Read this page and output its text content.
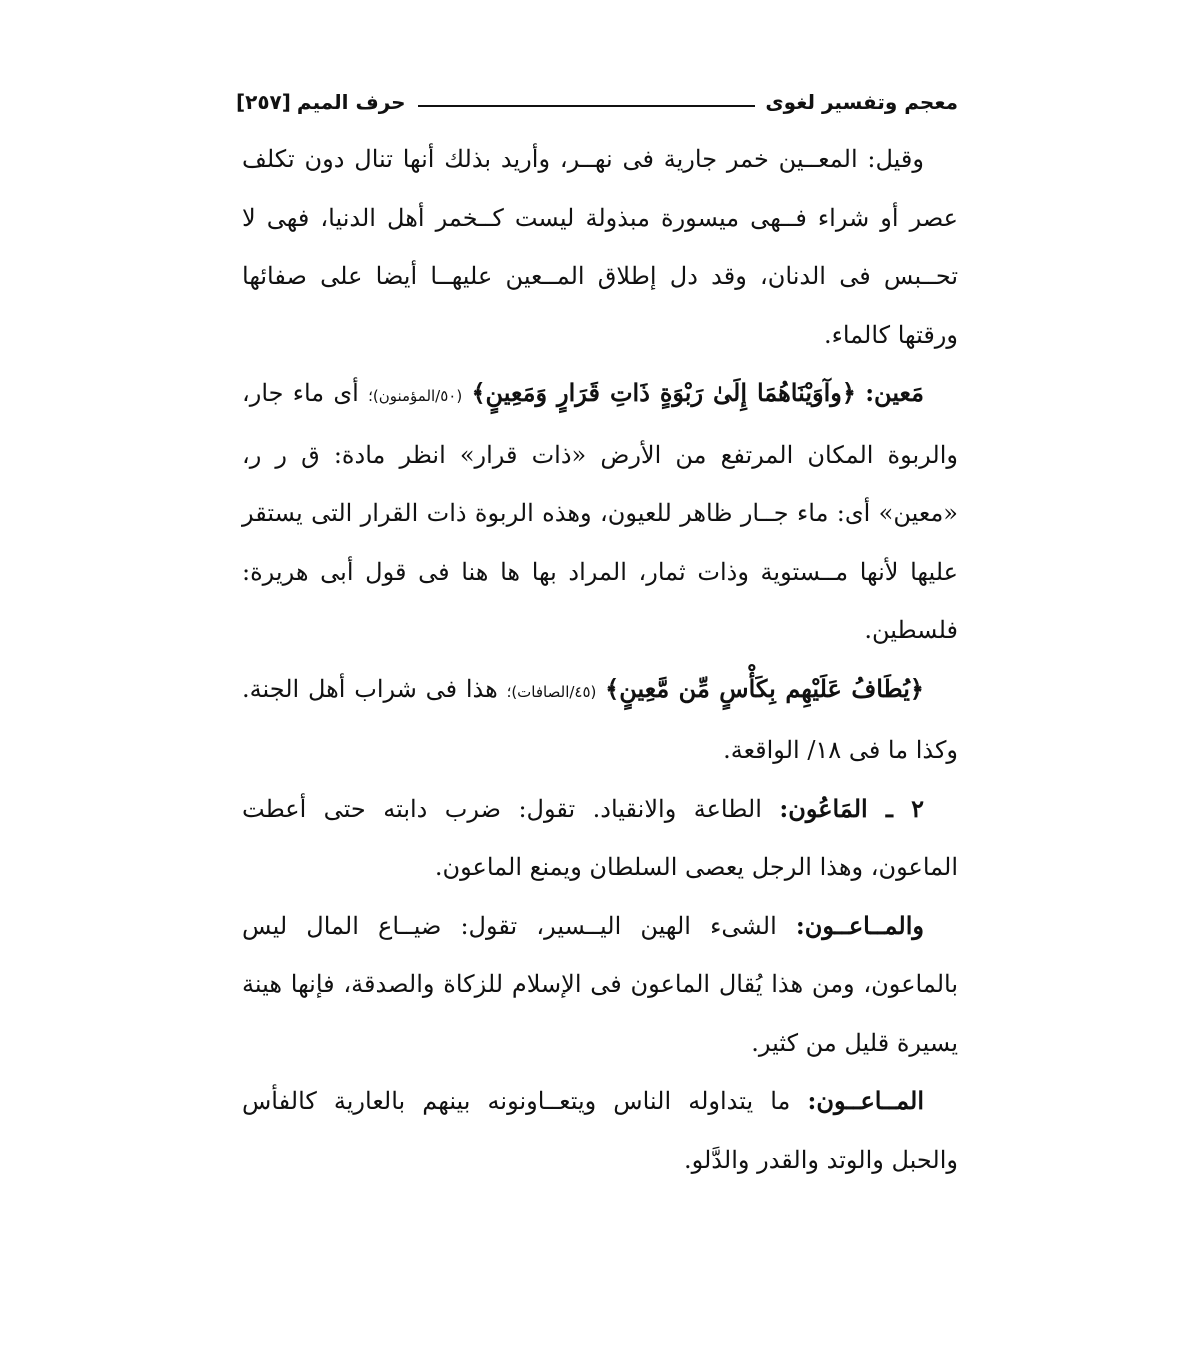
معجم وتفسير لغوى
حرف الميم
[٢٥٧]

وقيل: المعــين خمر جارية فى نهــر، وأريد بذلك أنها تنال دون تكلف عصر أو شراء فــهى ميسورة مبذولة ليست كــخمر أهل الدنيا، فهى لا تحــبس فى الدنان، وقد دل إطلاق المــعين عليهــا أيضا على صفائها ورقتها كالماء.

مَعين: ﴿وآوَيْنَاهُمَا إِلَىٰ رَبْوَةٍ ذَاتِ قَرَارٍ وَمَعِينٍ﴾ (٥٠/المؤمنون)؛ أى ماء جار، والربوة المكان المرتفع من الأرض «ذات قرار» انظر مادة: ق ر ر، «معين» أى: ماء جــار ظاهر للعيون، وهذه الربوة ذات القرار التى يستقر عليها لأنها مــستوية وذات ثمار، المراد بها ها هنا فى قول أبى هريرة: فلسطين.

﴿يُطَافُ عَلَيْهِم بِكَأْسٍ مِّن مَّعِينٍ﴾ (٤٥/الصافات)؛ هذا فى شراب أهل الجنة. وكذا ما فى ١٨/ الواقعة.

٢ ـ المَاعُون: الطاعة والانقياد. تقول: ضرب دابته حتى أعطت الماعون، وهذا الرجل يعصى السلطان ويمنع الماعون.

والمــاعــون: الشىء الهين اليــسير، تقول: ضيــاع المال ليس بالماعون، ومن هذا يُقال الماعون فى الإسلام للزكاة والصدقة، فإنها هينة يسيرة قليل من كثير.

المــاعــون: ما يتداوله الناس ويتعــاونونه بينهم بالعارية كالفأس والحبل والوتد والقدر والدَّلو.
